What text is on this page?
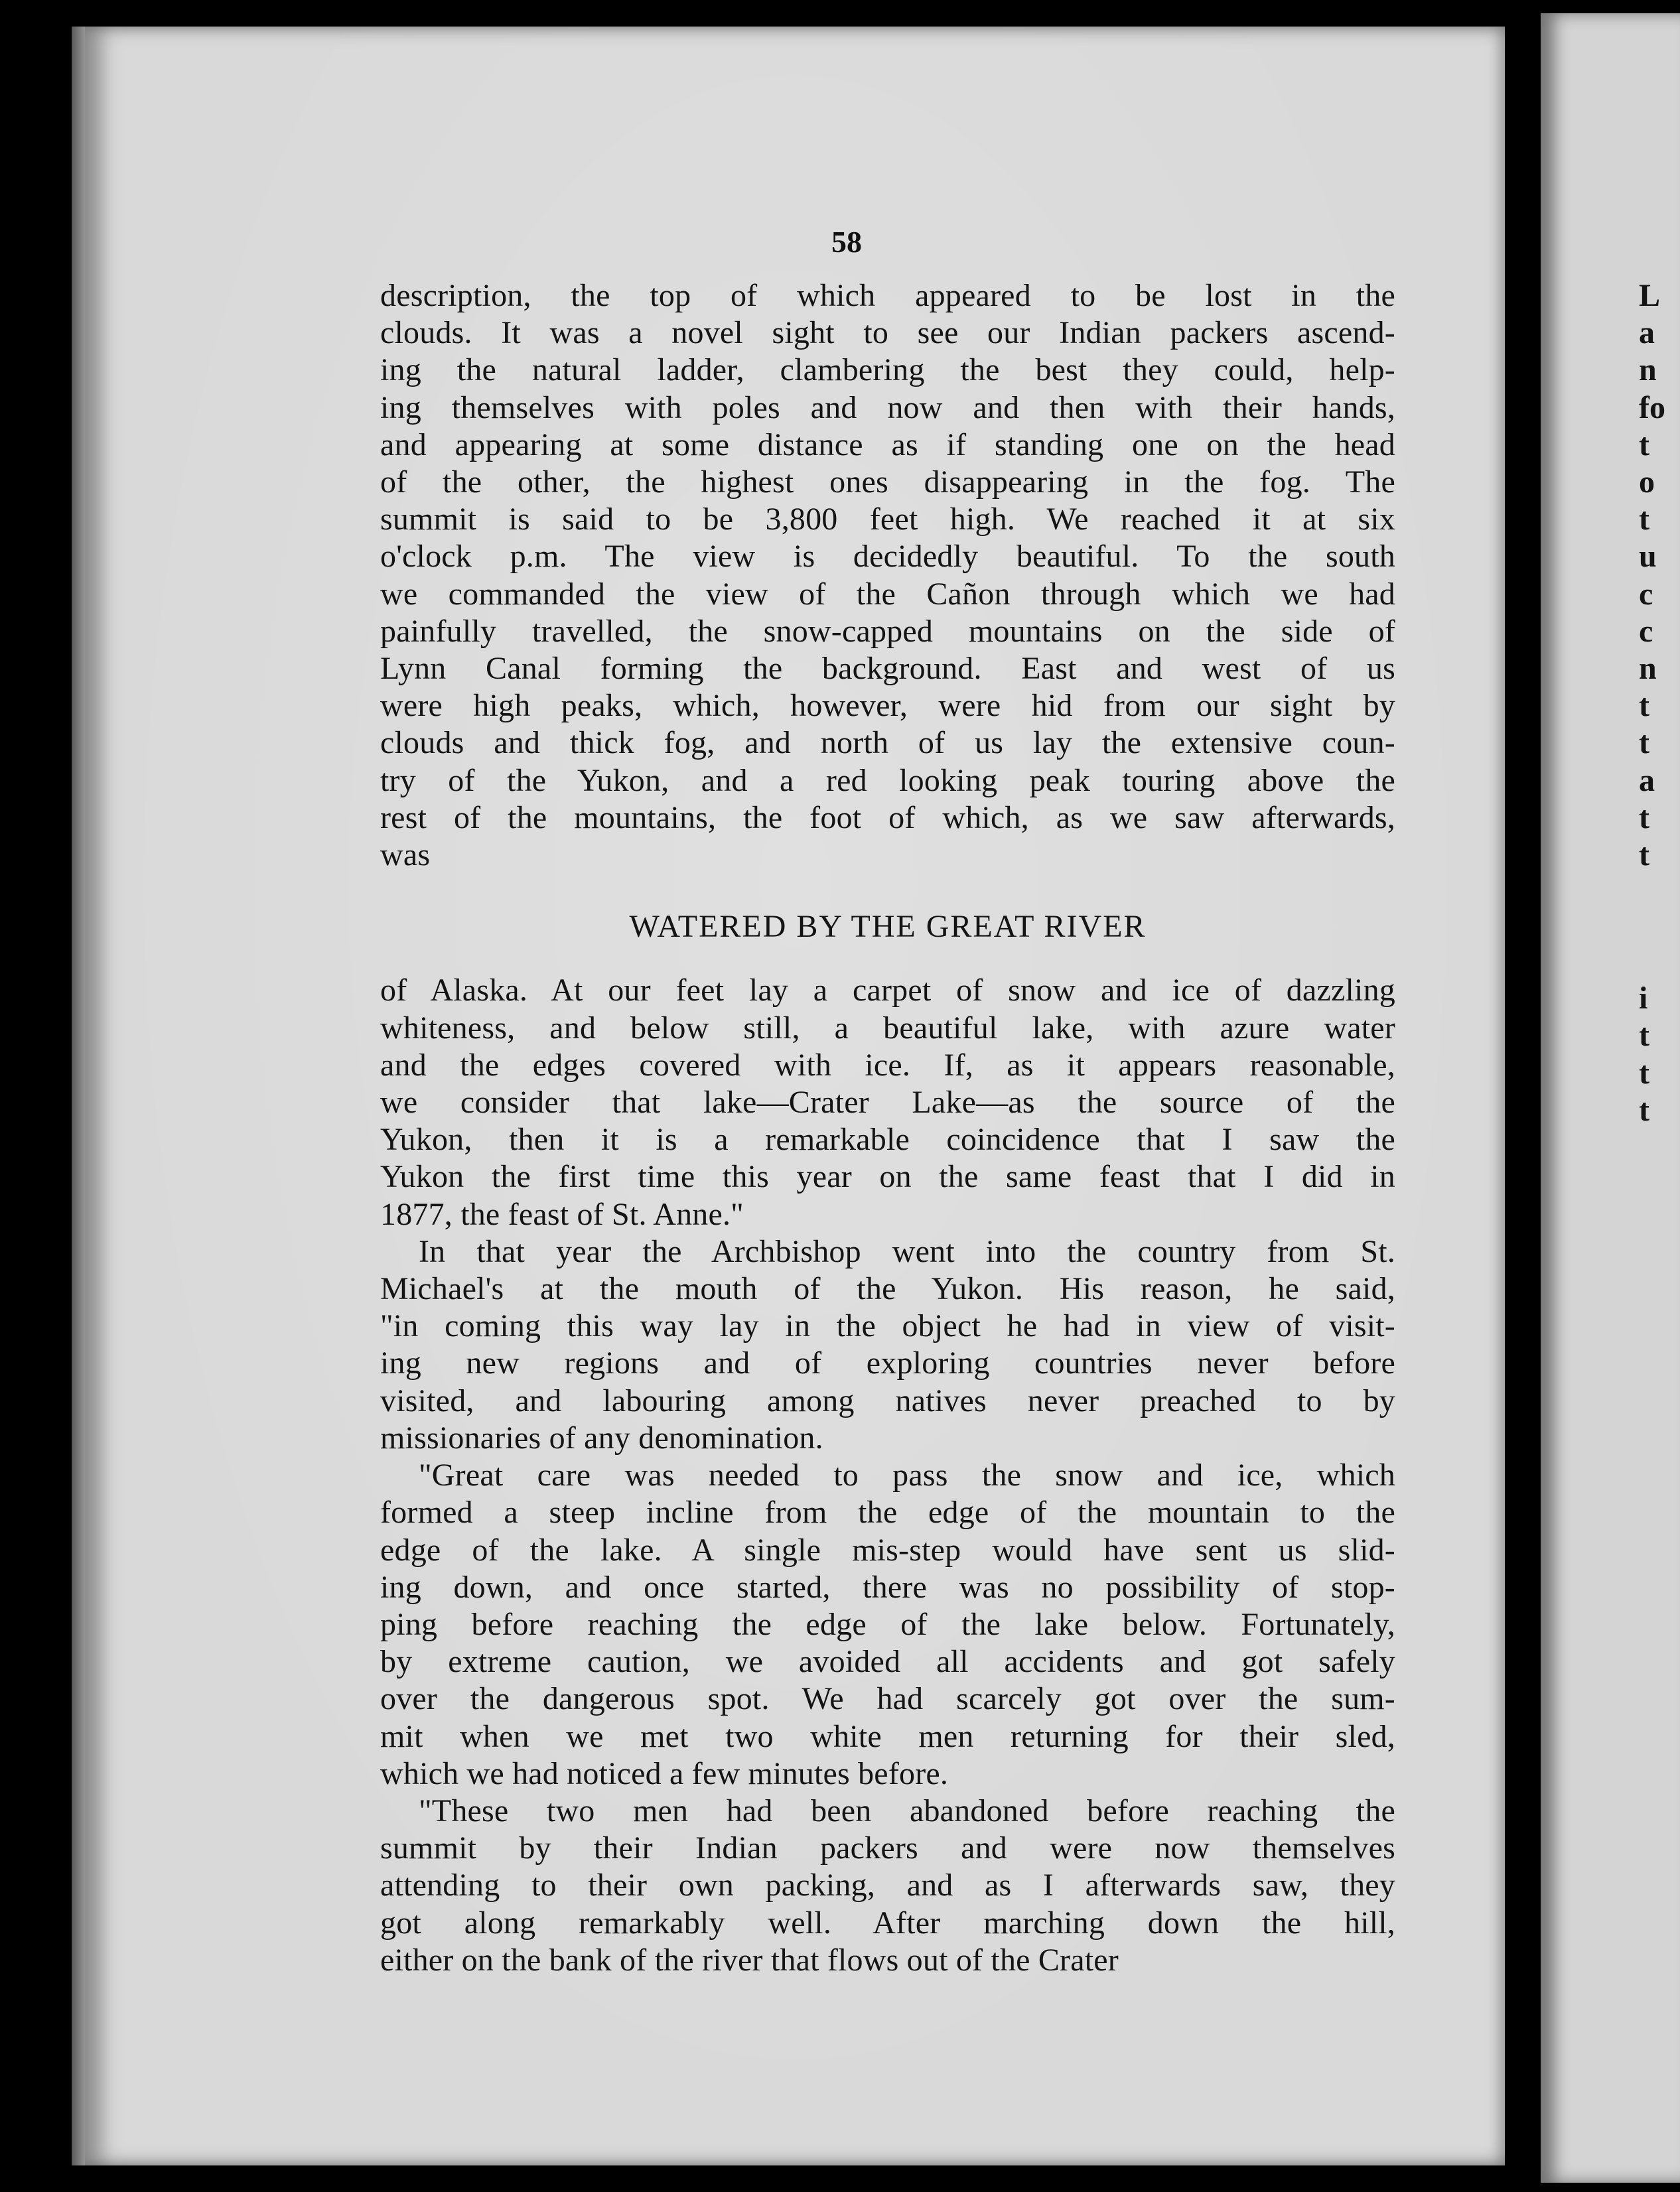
58
description, the top of which appeared to be lost in the
clouds. It was a novel sight to see our Indian packers ascend-
ing the natural ladder, clambering the best they could, help-
ing themselves with poles and now and then with their hands,
and appearing at some distance as if standing one on the head
of the other, the highest ones disappearing in the fog. The
summit is said to be 3,800 feet high. We reached it at six
o'clock p.m. The view is decidedly beautiful. To the south
we commanded the view of the Cañon through which we had
painfully travelled, the snow-capped mountains on the side of
Lynn Canal forming the background. East and west of us
were high peaks, which, however, were hid from our sight by
clouds and thick fog, and north of us lay the extensive coun-
try of the Yukon, and a red looking peak touring above the
rest of the mountains, the foot of which, as we saw afterwards,
was
WATERED BY THE GREAT RIVER
of Alaska. At our feet lay a carpet of snow and ice of dazzling
whiteness, and below still, a beautiful lake, with azure water
and the edges covered with ice. If, as it appears reasonable,
we consider that lake—Crater Lake—as the source of the
Yukon, then it is a remarkable coincidence that I saw the
Yukon the first time this year on the same feast that I did in
1877, the feast of St. Anne."
In that year the Archbishop went into the country from St.
Michael's at the mouth of the Yukon. His reason, he said,
"in coming this way lay in the object he had in view of visit-
ing new regions and of exploring countries never before
visited, and labouring among natives never preached to by
missionaries of any denomination.
"Great care was needed to pass the snow and ice, which
formed a steep incline from the edge of the mountain to the
edge of the lake. A single mis-step would have sent us slid-
ing down, and once started, there was no possibility of stop-
ping before reaching the edge of the lake below. Fortunately,
by extreme caution, we avoided all accidents and got safely
over the dangerous spot. We had scarcely got over the sum-
mit when we met two white men returning for their sled,
which we had noticed a few minutes before.
"These two men had been abandoned before reaching the
summit by their Indian packers and were now themselves
attending to their own packing, and as I afterwards saw, they
got along remarkably well. After marching down the hill,
either on the bank of the river that flows out of the Crater
L
a
n
fo
t
o
t
u
c
c
n
t
t
a
t
t
i
t
t
t
